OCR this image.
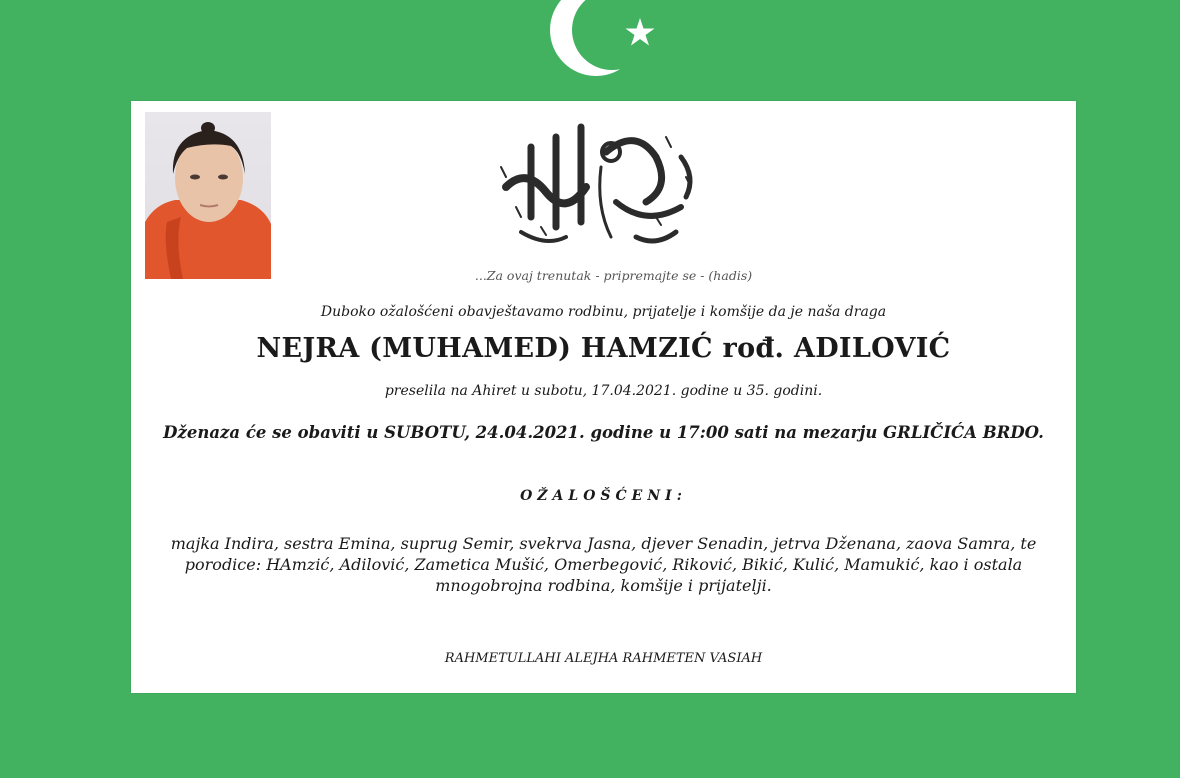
...Za ovaj trenutak - pripremajte se - (hadis)
Duboko ožalošćeni obavještavamo rodbinu, prijatelje i komšije da je naša draga
NEJRA (MUHAMED) HAMZIĆ rođ. ADILOVIĆ
preselila na Ahiret u subotu, 17.04.2021. godine u 35. godini.
Dženaza će se obaviti u SUBOTU, 24.04.2021. godine u 17:00 sati na mezarju GRLIČIĆA BRDO.
OŽALOŠĆENI:
majka Indira, sestra Emina, suprug Semir, svekrva Jasna, djever Senadin, jetrva Dženana, zaova Samra, te porodice: HAmzić, Adilović, Zametica Mušić, Omerbegović, Riković, Bikić, Kulić, Mamukić, kao i ostala mnogobrojna rodbina, komšije i prijatelji.
RAHMETULLAHI ALEJHA RAHMETEN VASIAH
